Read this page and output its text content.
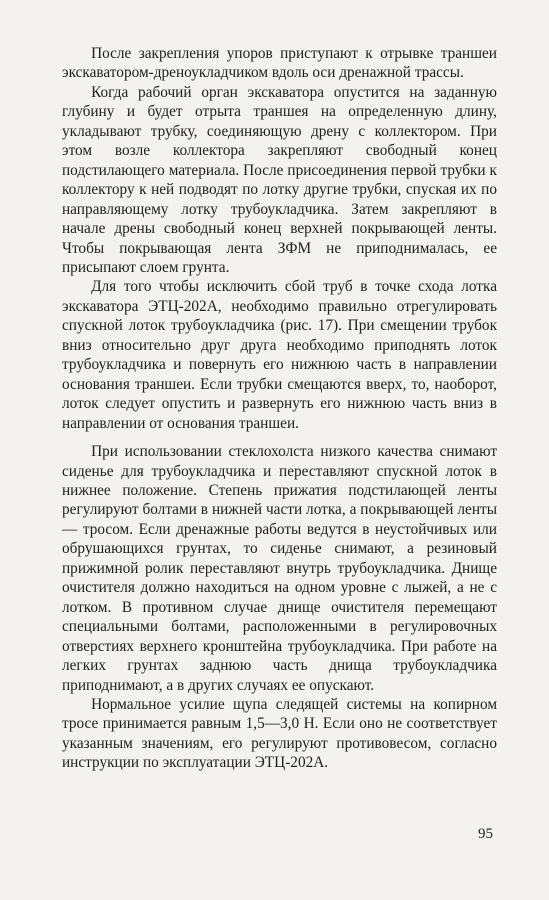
После закрепления упоров приступают к отрывке траншеи экскаватором-дреноукладчиком вдоль оси дренажной трассы.

Когда рабочий орган экскаватора опустится на заданную глубину и будет отрыта траншея на определенную длину, укладывают трубку, соединяющую дрену с коллектором. При этом возле коллектора закрепляют свободный конец подстилающего материала. После присоединения первой трубки к коллектору к ней подводят по лотку другие трубки, спуская их по направляющему лотку трубоукладчика. Затем закрепляют в начале дрены свободный конец верхней покрывающей ленты. Чтобы покрывающая лента ЗФМ не приподнималась, ее присыпают слоем грунта.

Для того чтобы исключить сбой труб в точке схода лотка экскаватора ЭТЦ-202А, необходимо правильно отрегулировать спускной лоток трубоукладчика (рис. 17). При смещении трубок вниз относительно друг друга необходимо приподнять лоток трубоукладчика и повернуть его нижнюю часть в направлении основания траншеи. Если трубки смещаются вверх, то, наоборот, лоток следует опустить и развернуть его нижнюю часть вниз в направлении от основания траншеи.

При использовании стеклохолста низкого качества снимают сиденье для трубоукладчика и переставляют спускной лоток в нижнее положение. Степень прижатия подстилающей ленты регулируют болтами в нижней части лотка, а покрывающей ленты — тросом. Если дренажные работы ведутся в неустойчивых или обрушающихся грунтах, то сиденье снимают, а резиновый прижимной ролик переставляют внутрь трубоукладчика. Днище очистителя должно находиться на одном уровне с лыжей, а не с лотком. В противном случае днище очистителя перемещают специальными болтами, расположенными в регулировочных отверстиях верхнего кронштейна трубоукладчика. При работе на легких грунтах заднюю часть днища трубоукладчика приподнимают, а в других случаях ее опускают.

Нормальное усилие щупа следящей системы на копирном тросе принимается равным 1,5—3,0 Н. Если оно не соответствует указанным значениям, его регулируют противовесом, согласно инструкции по эксплуатации ЭТЦ-202А.

95
